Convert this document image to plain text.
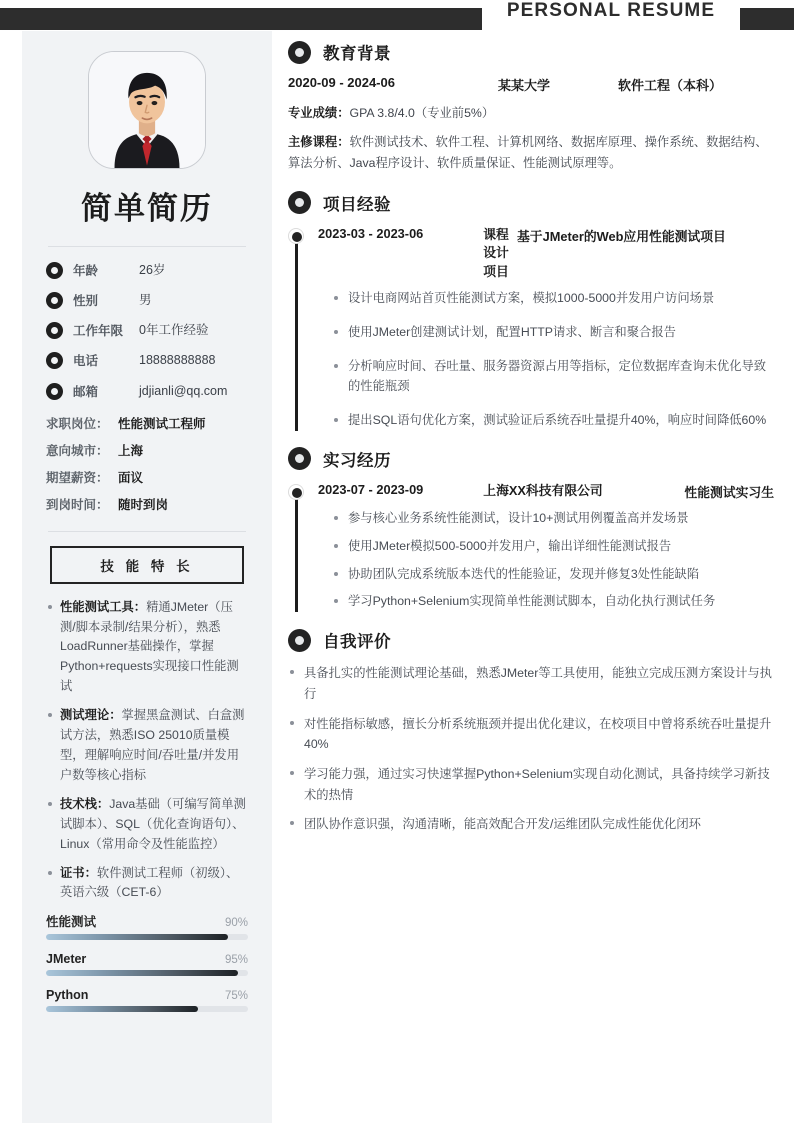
PERSONAL RESUME
简单简历
年龄	26岁
性别	男
工作年限	0年工作经验
电话	18888888888
邮箱	jdjianli@qq.com
求职岗位： 性能测试工程师
意向城市： 上海
期望薪资： 面议
到岗时间： 随时到岗
技 能 特 长
性能测试工具：精通JMeter（压测/脚本录制/结果分析），熟悉LoadRunner基础操作，掌握Python+requests实现接口性能测试
测试理论：掌握黑盒测试、白盒测试方法，熟悉ISO 25010质量模型，理解响应时间/吞吐量/并发用户数等核心指标
技术栈：Java基础（可编写简单测试脚本）、SQL（优化查询语句）、Linux（常用命令及性能监控）
证书：软件测试工程师（初级）、英语六级（CET-6）
性能测试	90%
JMeter	95%
Python	75%
教育背景
2020-09 - 2024-06	某某大学	软件工程（本科）
专业成绩：GPA 3.8/4.0（专业前5%）
主修课程：软件测试技术、软件工程、计算机网络、数据库原理、操作系统、数据结构、算法分析、Java程序设计、软件质量保证、性能测试原理等。
项目经验
2023-03 - 2023-06	课程设计项目
基于JMeter的Web应用性能测试项目
设计电商网站首页性能测试方案，模拟1000-5000并发用户访问场景
使用JMeter创建测试计划，配置HTTP请求、断言和聚合报告
分析响应时间、吞吐量、服务器资源占用等指标，定位数据库查询未优化导致的性能瓶颈
提出SQL语句优化方案，测试验证后系统吞吐量提升40%，响应时间降低60%
实习经历
2023-07 - 2023-09	上海XX科技有限公司	性能测试实习生
参与核心业务系统性能测试，设计10+测试用例覆盖高并发场景
使用JMeter模拟500-5000并发用户，输出详细性能测试报告
协助团队完成系统版本迭代的性能验证，发现并修复3处性能缺陷
学习Python+Selenium实现简单性能测试脚本，自动化执行测试任务
自我评价
具备扎实的性能测试理论基础，熟悉JMeter等工具使用，能独立完成压测方案设计与执行
对性能指标敏感，擅长分析系统瓶颈并提出优化建议，在校项目中曾将系统吞吐量提升40%
学习能力强，通过实习快速掌握Python+Selenium实现自动化测试，具备持续学习新技术的热情
团队协作意识强，沟通清晰，能高效配合开发/运维团队完成性能优化闭环
